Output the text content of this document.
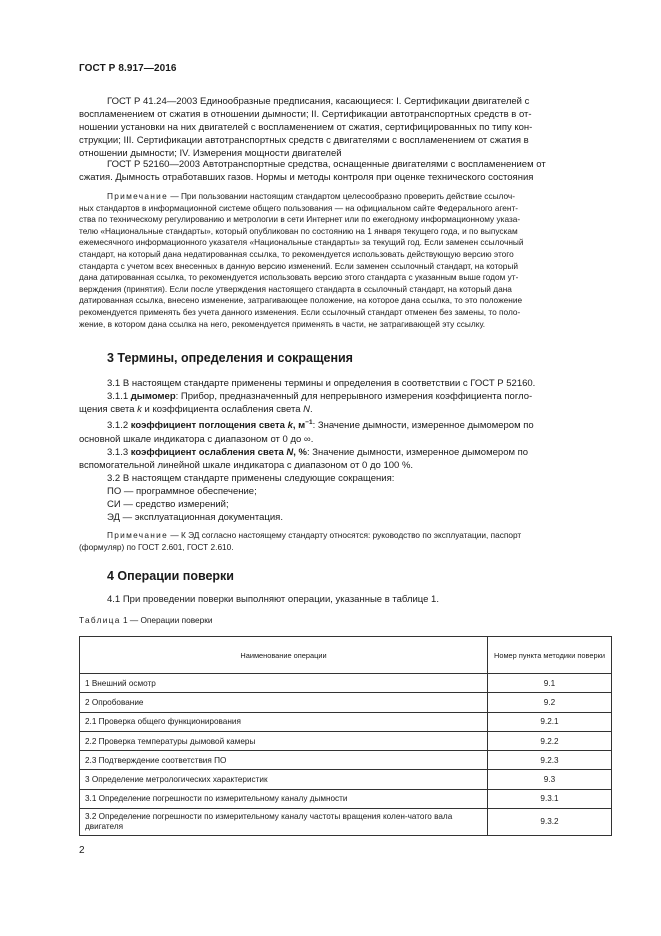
ГОСТ Р 8.917—2016
ГОСТ Р 41.24—2003 Единообразные предписания, касающиеся: I. Сертификации двигателей с
воспламенением от сжатия в отношении дымности; II. Сертификации автотранспортных средств в от-
ношении установки на них двигателей с воспламенением от сжатия, сертифицированных по типу кон-
струкции; III. Сертификации автотранспортных средств с двигателями с воспламенением от сжатия в
отношении дымности; IV. Измерения мощности двигателей
ГОСТ Р 52160—2003 Автотранспортные средства, оснащенные двигателями с воспламенением от
сжатия. Дымность отработавших газов. Нормы и методы контроля при оценке технического состояния
Примечание — При пользовании настоящим стандартом целесообразно проверить действие ссылоч-
ных стандартов в информационной системе общего пользования — на официальном сайте Федерального агент-
ства по техническому регулированию и метрологии в сети Интернет или по ежегодному информационному указа-
телю «Национальные стандарты», который опубликован по состоянию на 1 января текущего года, и по выпускам
ежемесячного информационного указателя «Национальные стандарты» за текущий год. Если заменен ссылочный
стандарт, на который дана недатированная ссылка, то рекомендуется использовать действующую версию этого
стандарта с учетом всех внесенных в данную версию изменений. Если заменен ссылочный стандарт, на который
дана датированная ссылка, то рекомендуется использовать версию этого стандарта с указанным выше годом ут-
верждения (принятия). Если после утверждения настоящего стандарта в ссылочный стандарт, на который дана
датированная ссылка, внесено изменение, затрагивающее положение, на которое дана ссылка, то это положение
рекомендуется применять без учета данного изменения. Если ссылочный стандарт отменен без замены, то поло-
жение, в котором дана ссылка на него, рекомендуется применять в части, не затрагивающей эту ссылку.
3 Термины, определения и сокращения
3.1 В настоящем стандарте применены термины и определения в соответствии с ГОСТ Р 52160.
3.1.1 дымомер: Прибор, предназначенный для непрерывного измерения коэффициента погло-
щения света k и коэффициента ослабления света N.
3.1.2 коэффициент поглощения света k, $м^{-1}$: Значение дымности, измеренное дымомером по
основной шкале индикатора с диапазоном от 0 до ∞.
3.1.3 коэффициент ослабления света N, %: Значение дымности, измеренное дымомером по
вспомогательной линейной шкале индикатора с диапазоном от 0 до 100 %.
3.2 В настоящем стандарте применены следующие сокращения:
ПО — программное обеспечение;
СИ — средство измерений;
ЭД — эксплуатационная документация.
Примечание — К ЭД согласно настоящему стандарту относятся: руководство по эксплуатации, паспорт
(формуляр) по ГОСТ 2.601, ГОСТ 2.610.
4 Операции поверки
4.1 При проведении поверки выполняют операции, указанные в таблице 1.
Таблица 1 — Операции поверки
Наименование операции	Номер пункта методики поверки
1 Внешний осмотр	9.1
2 Опробование	9.2
2.1 Проверка общего функционирования	9.2.1
2.2 Проверка температуры дымовой камеры	9.2.2
2.3 Подтверждение соответствия ПО	9.2.3
3 Определение метрологических характеристик	9.3
3.1 Определение погрешности по измерительному каналу дымности	9.3.1
3.2 Определение погрешности по измерительному каналу частоты вращения колен-чатого вала двигателя	9.3.2
2
